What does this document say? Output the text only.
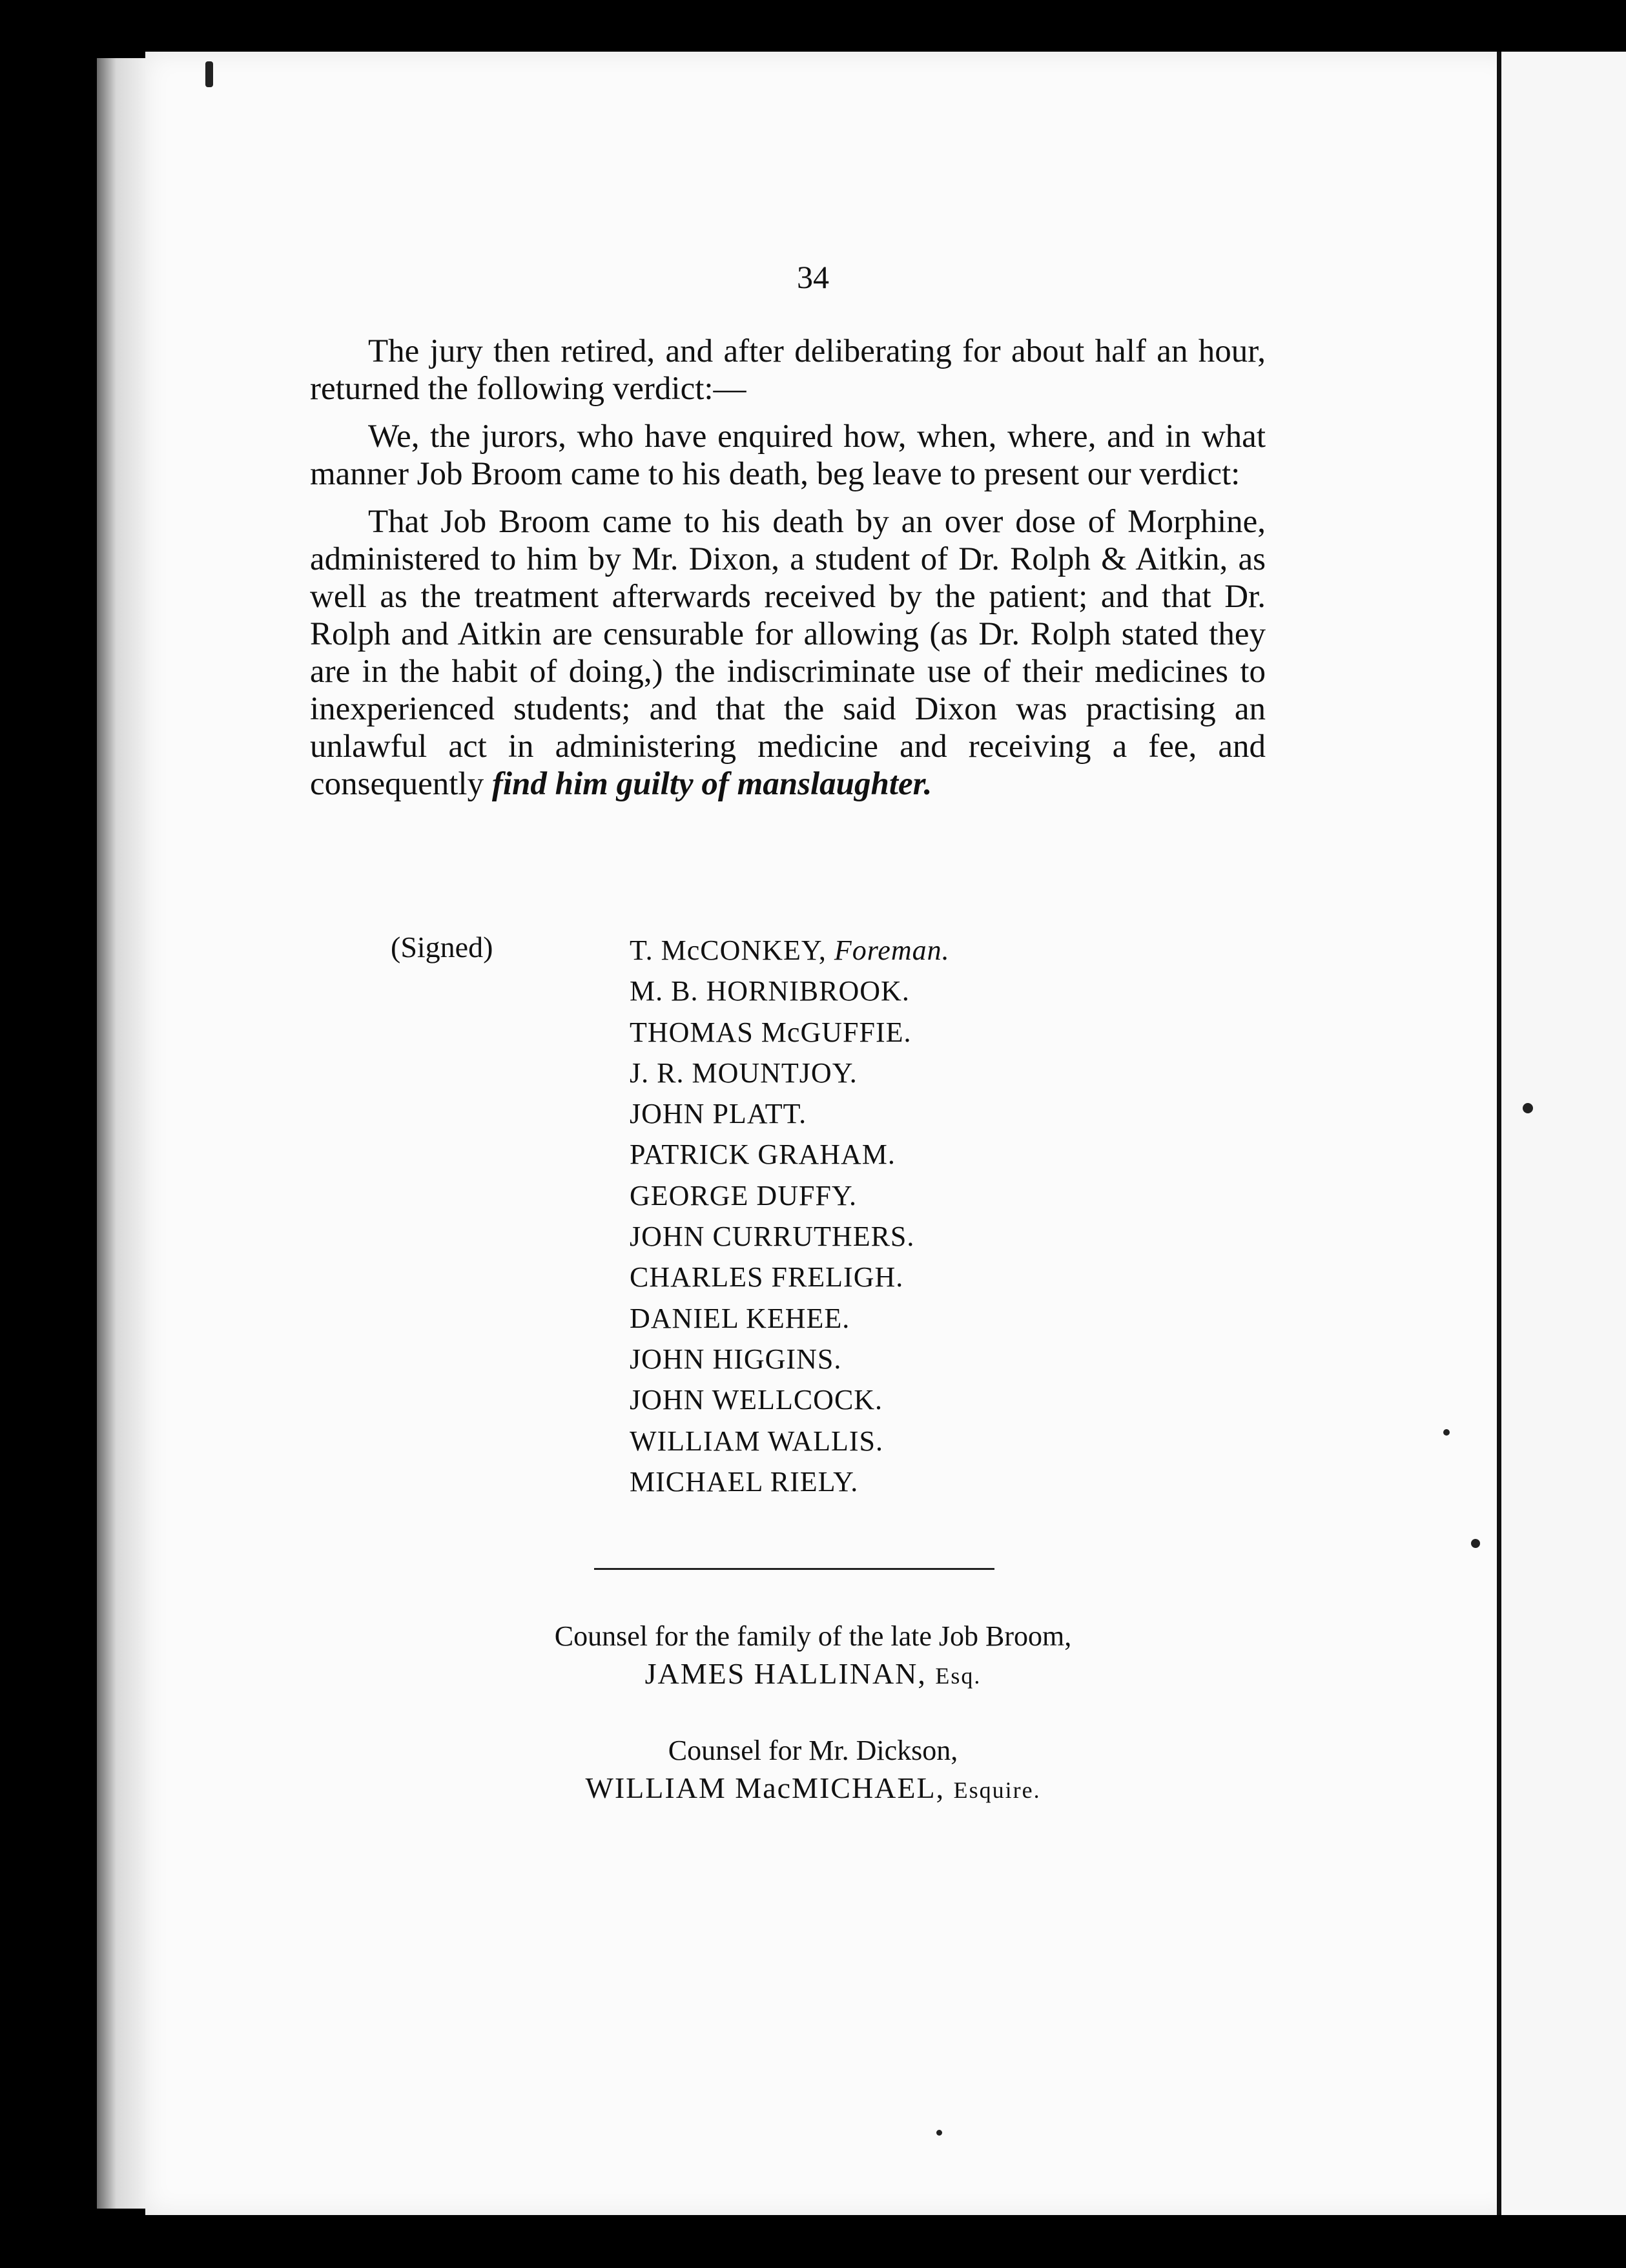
34

The jury then retired, and after deliberating for about half an hour, returned the following verdict:—

We, the jurors, who have enquired how, when, where, and in what manner Job Broom came to his death, beg leave to present our verdict:

That Job Broom came to his death by an over dose of Morphine, administered to him by Mr. Dixon, a student of Dr. Rolph & Aitkin, as well as the treatment afterwards received by the patient; and that Dr. Rolph and Aitkin are censurable for allowing (as Dr. Rolph stated they are in the habit of doing,) the indiscriminate use of their medicines to inexperienced students; and that the said Dixon was practising an unlawful act in administering medicine and receiving a fee, and consequently find him guilty of manslaughter.

(Signed)	T. McCONKEY, Foreman.
M. B. HORNIBROOK.
THOMAS McGUFFIE.
J. R. MOUNTJOY.
JOHN PLATT.
PATRICK GRAHAM.
GEORGE DUFFY.
JOHN CURRUTHERS.
CHARLES FRELIGH.
DANIEL KEHEE.
JOHN HIGGINS.
JOHN WELLCOCK.
WILLIAM WALLIS.
MICHAEL RIELY.
Counsel for the family of the late Job Broom,
JAMES HALLINAN, Esq.
Counsel for Mr. Dickson,
WILLIAM MacMICHAEL, Esquire.
